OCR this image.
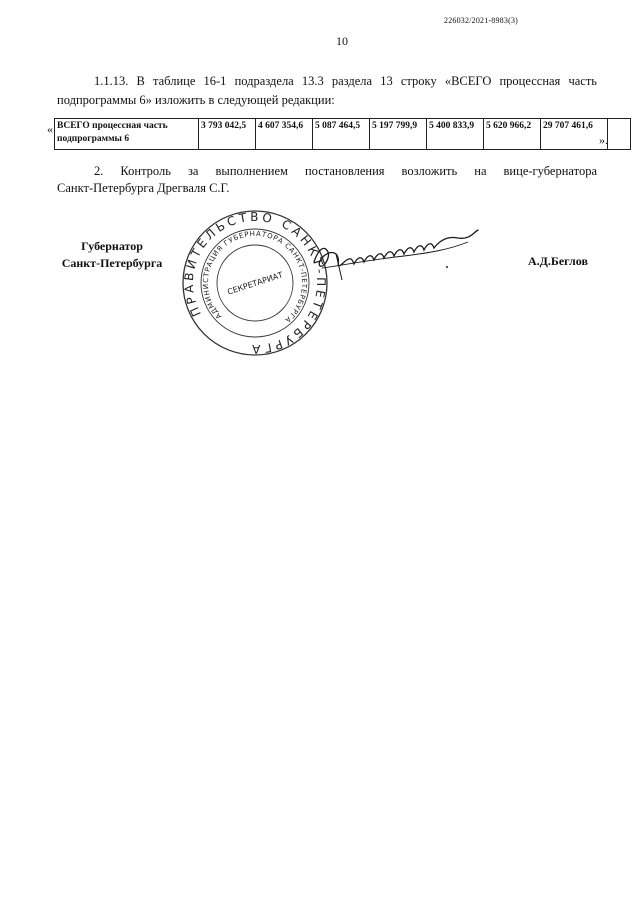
226032/2021-8983(3)
10
1.1.13. В таблице 16-1 подраздела 13.3 раздела 13 строку «ВСЕГО процессная часть подпрограммы 6» изложить в следующей редакции:
« ВСЕГО процессная часть подпрограммы 6	3 793 042,5	4 607 354,6	5 087 464,5	5 197 799,9	5 400 833,9	5 620 966,2	29 707 461,6	
».
2. Контроль за выполнением постановления возложить на вице-губернатора
Санкт-Петербурга Дрегваля С.Г.
Губернатор
Санкт-Петербурга
ПРАВИТЕЛЬСТВО САНКТ-ПЕТЕРБУРГА
АДМИНИСТРАЦИЯ ГУБЕРНАТОРА САНКТ-ПЕТЕРБУРГА
СЕКРЕТАРИАТ
А.Д.Беглов
